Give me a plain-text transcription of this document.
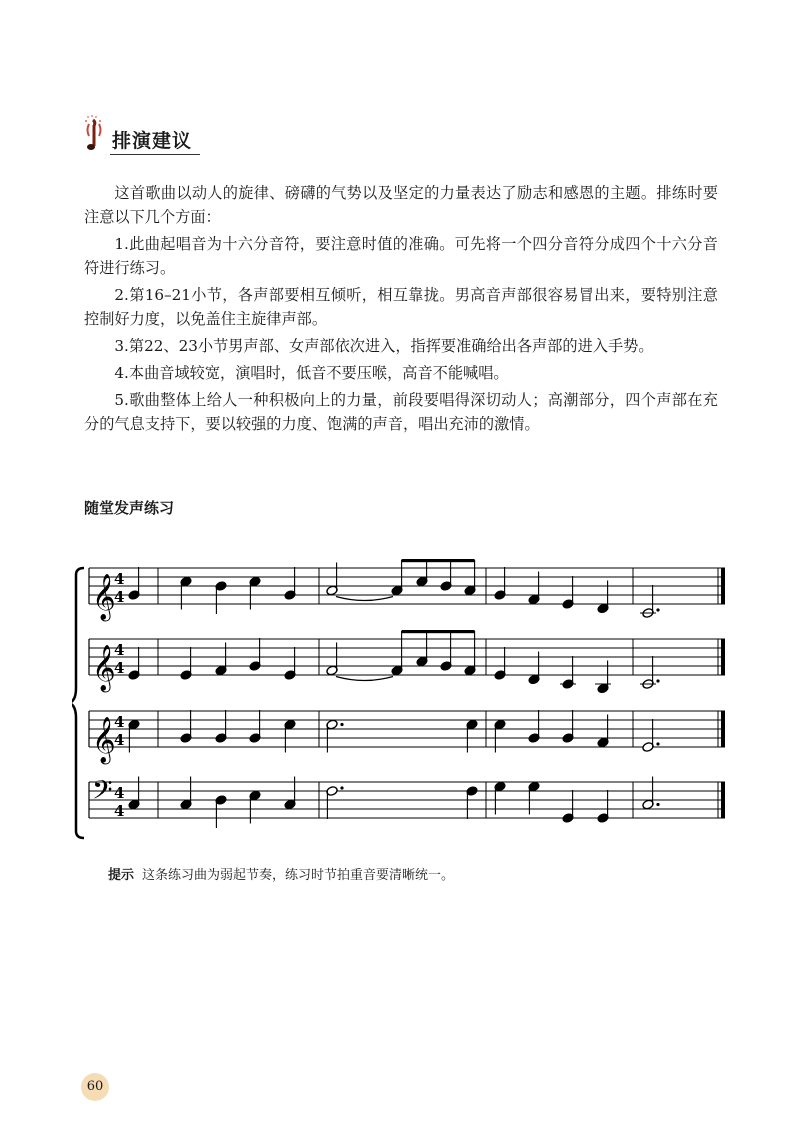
排演建议

这首歌曲以动人的旋律、磅礴的气势以及坚定的力量表达了励志和感恩的主题。排练时要注意以下几个方面：

1.此曲起唱音为十六分音符，要注意时值的准确。可先将一个四分音符分成四个十六分音符进行练习。

2.第16–21小节，各声部要相互倾听，相互靠拢。男高音声部很容易冒出来，要特别注意控制好力度，以免盖住主旋律声部。

3.第22、23小节男声部、女声部依次进入，指挥要准确给出各声部的进入手势。

4.本曲音域较宽，演唱时，低音不要压喉，高音不能喊唱。

5.歌曲整体上给人一种积极向上的力量，前段要唱得深切动人；高潮部分，四个声部在充分的气息支持下，要以较强的力度、饱满的声音，唱出充沛的激情。

随堂发声练习
𝄞
4
4
𝄞
4
4
𝄞
4
4
𝄢 4
4
提示 这条练习曲为弱起节奏，练习时节拍重音要清晰统一。
60
